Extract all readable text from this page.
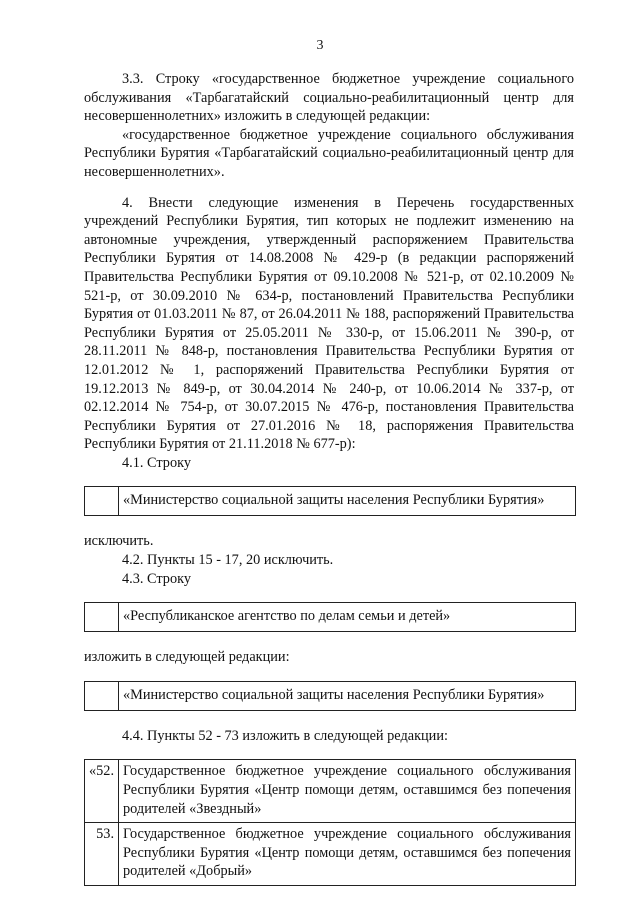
3

3.3. Строку «государственное бюджетное учреждение социального обслуживания «Тарбагатайский социально-реабилитационный центр для несовершеннолетних» изложить в следующей редакции:

«государственное бюджетное учреждение социального обслуживания Республики Бурятия «Тарбагатайский социально-реабилитационный центр для несовершеннолетних».

4. Внести следующие изменения в Перечень государственных учреждений Республики Бурятия, тип которых не подлежит изменению на автономные учреждения, утвержденный распоряжением Правительства Республики Бурятия от 14.08.2008 № 429-р (в редакции распоряжений Правительства Республики Бурятия от 09.10.2008 № 521-р, от 02.10.2009 № 521-р, от 30.09.2010 № 634-р, постановлений Правительства Республики Бурятия от 01.03.2011 № 87, от 26.04.2011 № 188, распоряжений Правительства Республики Бурятия от 25.05.2011 № 330-р, от 15.06.2011 № 390-р, от 28.11.2011 № 848-р, постановления Правительства Республики Бурятия от 12.01.2012 № 1, распоряжений Правительства Республики Бурятия от 19.12.2013 № 849-р, от 30.04.2014 № 240-р, от 10.06.2014 № 337-р, от 02.12.2014 № 754-р, от 30.07.2015 № 476-р, постановления Правительства Республики Бурятия от 27.01.2016 № 18, распоряжения Правительства Республики Бурятия от 21.11.2018 № 677-р):

4.1. Строку

	«Министерство социальной защиты населения Республики Бурятия»

исключить.

4.2. Пункты 15 - 17, 20 исключить.

4.3. Строку

	«Республиканское агентство по делам семьи и детей»

изложить в следующей редакции:

	«Министерство социальной защиты населения Республики Бурятия»

4.4. Пункты 52 - 73 изложить в следующей редакции:

«52.	Государственное бюджетное учреждение социального обслуживания Республики Бурятия «Центр помощи детям, оставшимся без попечения родителей «Звездный»
53.	Государственное бюджетное учреждение социального обслуживания Республики Бурятия «Центр помощи детям, оставшимся без попечения родителей «Добрый»
